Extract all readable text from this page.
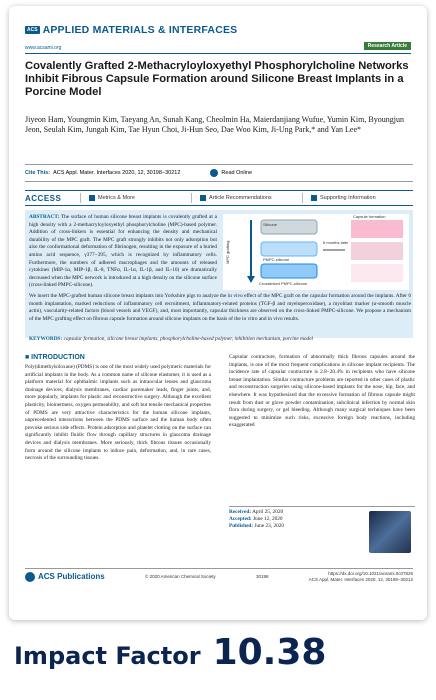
ACS APPLIED MATERIALS & INTERFACES
www.acsami.org	Research Article
Covalently Grafted 2-Methacryloyloxyethyl Phosphorylcholine Networks Inhibit Fibrous Capsule Formation around Silicone Breast Implants in a Porcine Model
Jiyeon Ham, Youngmin Kim, Taeyang An, Sunah Kang, Cheolmin Ha, Maierdanjiang Wufue, Yumin Kim, Byoungjun Jeon, Seulah Kim, Jungah Kim, Tae Hyun Choi, Ji-Hun Seo, Dae Woo Kim, Ji-Ung Park,* and Yan Lee*
Cite This: ACS Appl. Mater. Interfaces 2020, 12, 30198−30212	Read Online
ACCESS	Metrics & More	Article Recommendations	Supporting Information
ABSTRACT: The surface of human silicone breast implants is covalently grafted at a high density with a 2-methacryloyloxyethyl phosphorylcholine (MPC)-based polymer. Addition of cross-linkers is essential for enhancing the density and mechanical durability of the MPC graft. The MPC graft strongly inhibits not only adsorption but also the conformational deformation of fibrinogen, resulting in the exposure of a buried amino acid sequence, γ377−395, which is recognized by inflammatory cells. Furthermore, the numbers of adhered macrophages and the amounts of released cytokines (MIP-1α, MIP-1β, IL-8, TNFα, IL-1α, IL-1β, and IL-10) are dramatically decreased when the MPC network is introduced at a high density on the silicone surface (cross-linked PMPC-silicone).
Capsule formation
Silicone
PMPC-silicone
Crosslinked PMPC-silicone
6 months later
MPC grafting
We insert the MPC-grafted human silicone breast implants into Yorkshire pigs to analyze the in vivo effect of the MPC graft on the capsular formation around the implants. After 6 month implantation, marked reductions of inflammatory cell recruitment, inflammatory-related proteins (TGF-β and myeloperoxidase), a myoblast marker (α-smooth muscle actin), vascularity-related factors (blood vessels and VEGF), and, most importantly, capsular thickness are observed on the cross-linked PMPC-silicone. We propose a mechanism of the MPC grafting effect on fibrous capsule formation around silicone implants on the basis of the in vitro and in vivo results.
KEYWORDS: capsular formation, silicone breast implants, phosphorylcholine-based polymer, inhibition mechanism, porcine model
■ INTRODUCTION
Poly(dimethylsiloxane) (PDMS) is one of the most widely used polymeric materials for artificial implants in the body. As a common name of silicone elastomer, it is used as a platform material for ophthalmic implants such as intraocular lenses and glaucoma drainage devices, dialysis membranes, cardiac pacemaker leads, finger joints, and, more popularly, implants for plastic and reconstructive surgery. Although the excellent plasticity, bioinertness, oxygen permeability, and soft but tensile mechanical properties of PDMS are very attractive characteristics for the human silicone implants, unprecedented interactions between the PDMS surface and the human body often provoke serious side effects. Protein adsorption and platelet clotting on the surface can significantly inhibit fluidic flow through capillary structures in glaucoma drainage devices and dialysis membranes. More seriously, thick fibrous tissues occasionally form around the silicone implants to induce pain, deformation, and, in rare cases, necrosis of the surrounding tissues.
Capsular contracture, formation of abnormally thick fibrous capsules around the implants, is one of the most frequent complications in silicone implant recipients. The incidence rate of capsular contracture is 2.8−20.4% in recipients who have silicone breast implantation. Similar contracture problems are reported in other cases of plastic and reconstruction surgeries using silicone-based implants for the nose, hip, face, and elsewhere. It was hypothesized that the excessive formation of fibrous capsule might result from dust or glove powder contamination, subclinical infection by normal skin flora during surgery, or gel bleeding. Although many surgical techniques have been suggested to minimize such risks, excessive foreign body reactions, including exaggerated
Received: April 25, 2020
Accepted: June 12, 2020
Published: June 23, 2020
ACS Publications	© 2020 American Chemical Society	30198
https://dx.doi.org/10.1021/acsami.0c07826
ACS Appl. Mater. Interfaces 2020, 12, 30198−30212
Impact Factor 10.38
